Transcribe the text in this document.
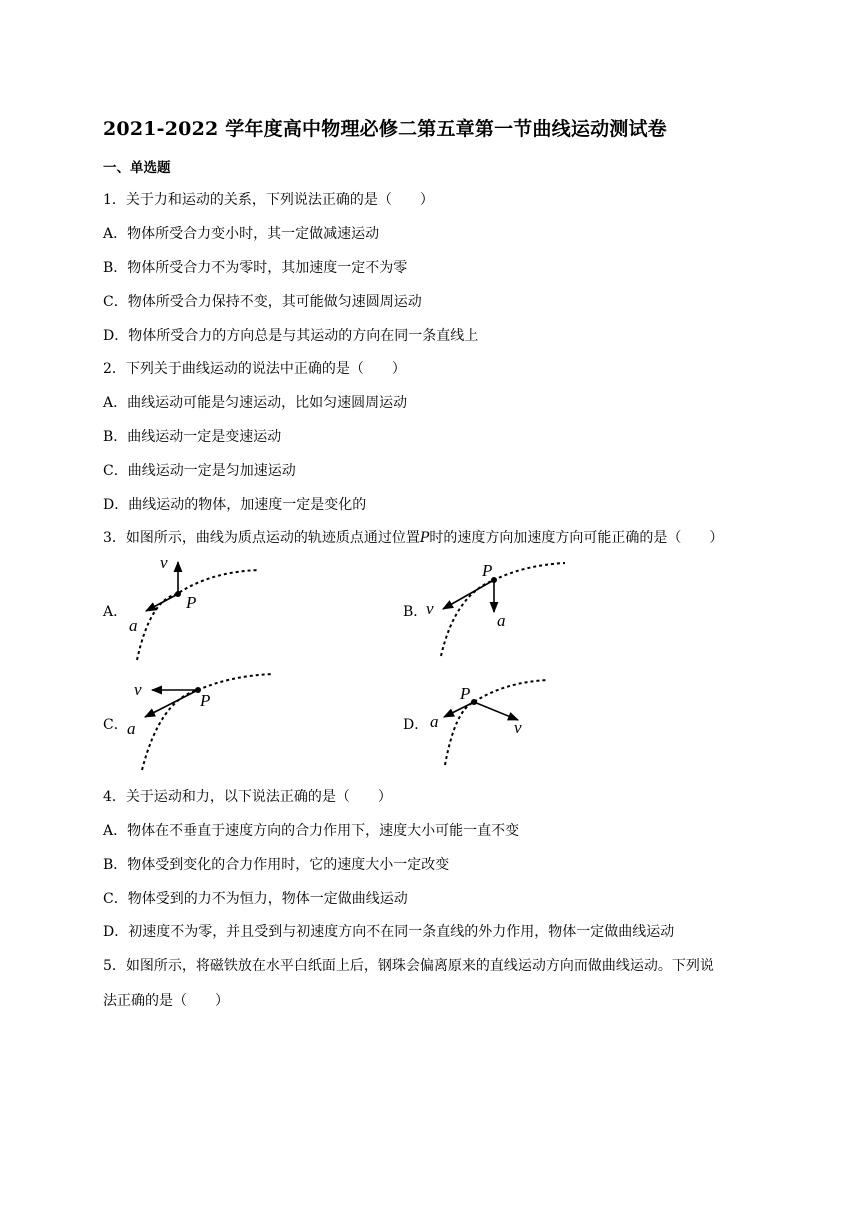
2021-2022 学年度高中物理必修二第五章第一节曲线运动测试卷
一、单选题
1．关于力和运动的关系，下列说法正确的是（　　）
A．物体所受合力变小时，其一定做减速运动
B．物体所受合力不为零时，其加速度一定不为零
C．物体所受合力保持不变，其可能做匀速圆周运动
D．物体所受合力的方向总是与其运动的方向在同一条直线上
2．下列关于曲线运动的说法中正确的是（　　）
A．曲线运动可能是匀速运动，比如匀速圆周运动
B．曲线运动一定是变速运动
C．曲线运动一定是匀加速运动
D．曲线运动的物体，加速度一定是变化的
3．如图所示，曲线为质点运动的轨迹质点通过位置P时的速度方向加速度方向可能正确的是（　　）
A．	B．
C．	D．
v
P
a
P
v
a
v
P
a
P
a	v
4．关于运动和力，以下说法正确的是（　　）
A．物体在不垂直于速度方向的合力作用下，速度大小可能一直不变
B．物体受到变化的合力作用时，它的速度大小一定改变
C．物体受到的力不为恒力，物体一定做曲线运动
D．初速度不为零，并且受到与初速度方向不在同一条直线的外力作用，物体一定做曲线运动
5．如图所示，将磁铁放在水平白纸面上后，钢珠会偏离原来的直线运动方向而做曲线运动。下列说
法正确的是（　　）
